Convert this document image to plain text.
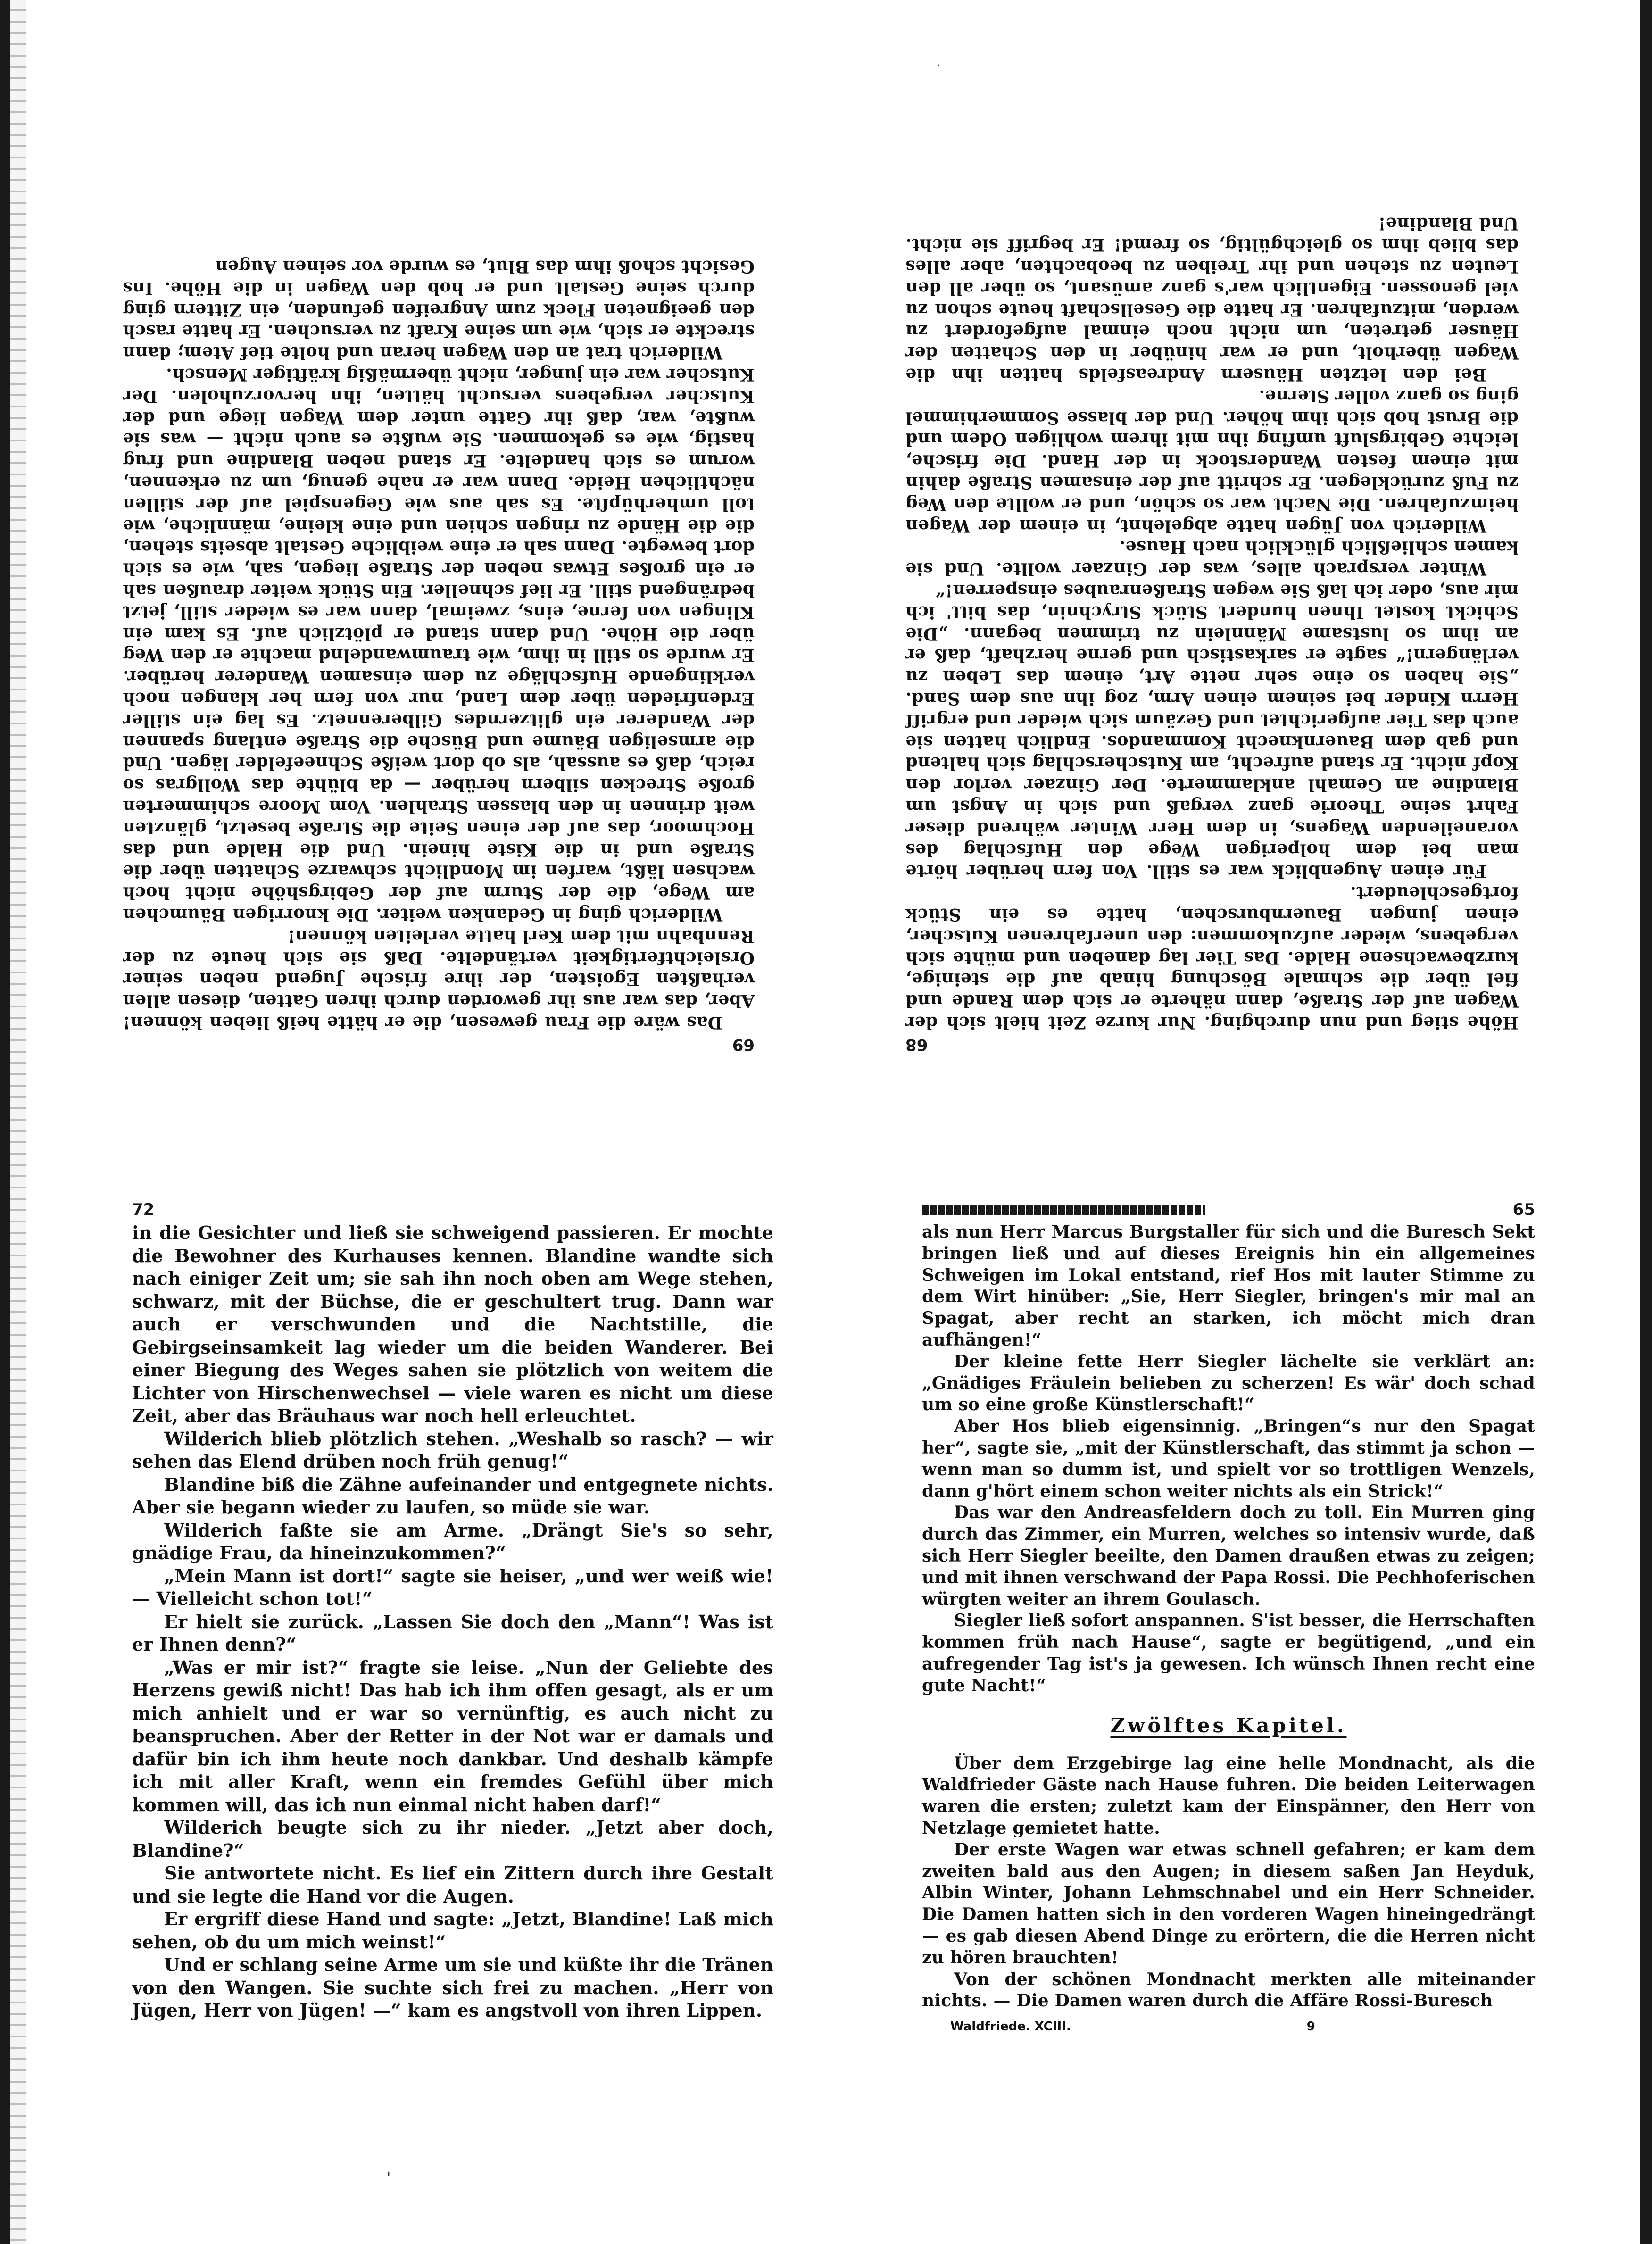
69

Das wäre die Frau gewesen, die er hätte heiß lieben können! Aber, das war aus ihr geworden durch ihren Gatten, diesen allen verhaßten Egoisten, der ihre frische Jugend neben seiner Orsleichtfertigkeit vertändelte. Daß sie sich heute zu der Rennbahn mit dem Kerl hatte verleiten können!

Wilderich ging in Gedanken weiter. Die knorrigen Bäumchen am Wege, die der Sturm auf der Gebirgshöhe nicht hoch wachsen läßt, warfen im Mondlicht schwarze Schatten über die Straße und in die Kiste hinein. Und die Halde und das Hochmoor, das auf der einen Seite die Straße besetzt, glänzten weit drinnen in den blassen Strahlen. Vom Moore schimmerten große Strecken silbern herüber — da blühte das Wollgras so reich, daß es aussah, als ob dort weiße Schneefelder lägen. Und die armseligen Bäume und Büsche die Straße entlang spannen der Wanderer ein glitzerndes Gilberennetz. Es lag ein stiller Erdenfrieden über dem Land, nur von fern her klangen noch verklingende Hufschläge zu dem einsamen Wanderer herüber. Er wurde so still in ihm, wie traumwandelnd machte er den Weg über die Höhe. Und dann stand er plötzlich auf. Es kam ein Klingen von ferne, eins, zweimal, dann war es wieder still, jetzt bedrängend still. Er lief schneller. Ein Stück weiter draußen sah er ein großes Etwas neben der Straße liegen, sah, wie es sich dort bewegte. Dann sah er eine weibliche Gestalt abseits stehen, die die Hände zu ringen schien und eine kleine, männliche, wie toll umherhüpfte. Es sah aus wie Gegenspiel auf der stillen nächtlichen Heide. Dann war er nahe genug, um zu erkennen, worum es sich handelte. Er stand neben Blandine und frug hastig, wie es gekommen. Sie wußte es auch nicht — was sie wußte, war, daß ihr Gatte unter dem Wagen liege und der Kutscher vergebens versucht hätten, ihn hervorzuholen. Der Kutscher war ein junger, nicht übermäßig kräftiger Mensch.

Wilderich trat an den Wagen heran und holte tief Atem; dann streckte er sich, wie um seine Kraft zu versuchen. Er hatte rasch den geeigneten Fleck zum Angreifen gefunden, ein Zittern ging durch seine Gestalt und er hob den Wagen in die Höhe. Ins Gesicht schoß ihm das Blut, es wurde vor seinen Augen

68

Höhe stieg und nun durchging. Nur kurze Zeit hielt sich der Wagen auf der Straße, dann näherte er sich dem Rande und fiel über die schmale Böschung hinab auf die steinige, kurzbewachsene Halde. Das Tier lag daneben und mühte sich vergebens, wieder aufzukommen: den unerfahrenen Kutscher, einen jungen Bauernburschen, hatte es ein Stück fortgeschleudert.

Für einen Augenblick war es still. Von fern herüber hörte man bei dem holperigen Wege den Hufschlag des voraneilenden Wagens, in dem Herr Winter während dieser Fahrt seine Theorie ganz vergaß und sich in Angst um Blandine an Gemahl anklammerte. Der Ginzaer verlor den Kopf nicht. Er stand aufrecht, am Kutscherschlag sich haltend und gab dem Bauernknecht Kommandos. Endlich hatten sie auch das Tier aufgerichtet und Gezäum sich wieder und ergriff Herrn Kinder bei seinem einen Arm, zog ihn aus dem Sand. „Sie haben so eine sehr nette Art, einem das Leben zu verlängern!“ sagte er sarkastisch und gerne herzhaft, daß er an ihm so lustsame Männlein zu trimmen begann. „Die Schickt kostet Ihnen hundert Stück Strychnin, das bitt' ich mir aus, oder ich laß Sie wegen Straßenraubes einsperren!“

Winter versprach alles, was der Ginzaer wollte. Und sie kamen schließlich glücklich nach Hause.

Wilderich von Jügen hatte abgelehnt, in einem der Wagen heimzufahren. Die Nacht war so schön, und er wollte den Weg zu Fuß zurücklegen. Er schritt auf der einsamen Straße dahin mit einem festen Wanderstock in der Hand. Die frische, leichte Gebirgsluft umfing ihn mit ihrem wohligen Odem und die Brust hob sich ihm höher. Und der blasse Sommerhimmel ging so ganz voller Sterne.

Bei den letzten Häusern Andreasfelds hatten ihn die Wagen überholt, und er war hinüber in den Schatten der Häuser getreten, um nicht noch einmal aufgefordert zu werden, mitzufahren. Er hatte die Gesellschaft heute schon zu viel genossen. Eigentlich war's ganz amüsant, so über all den Leuten zu stehen und ihr Treiben zu beobachten, aber alles das blieb ihm so gleichgültig, so fremd! Er begriff sie nicht. Und Blandine!

72

in die Gesichter und ließ sie schweigend passieren. Er mochte die Bewohner des Kurhauses kennen. Blandine wandte sich nach einiger Zeit um; sie sah ihn noch oben am Wege stehen, schwarz, mit der Büchse, die er geschultert trug. Dann war auch er verschwunden und die Nachtstille, die Gebirgseinsamkeit lag wieder um die beiden Wanderer. Bei einer Biegung des Weges sahen sie plötzlich von weitem die Lichter von Hirschenwechsel — viele waren es nicht um diese Zeit, aber das Bräuhaus war noch hell erleuchtet.

Wilderich blieb plötzlich stehen. „Weshalb so rasch? — wir sehen das Elend drüben noch früh genug!“

Blandine biß die Zähne aufeinander und entgegnete nichts. Aber sie begann wieder zu laufen, so müde sie war.

Wilderich faßte sie am Arme. „Drängt Sie's so sehr, gnädige Frau, da hineinzukommen?“

„Mein Mann ist dort!“ sagte sie heiser, „und wer weiß wie! — Vielleicht schon tot!“

Er hielt sie zurück. „Lassen Sie doch den „Mann“! Was ist er Ihnen denn?“

„Was er mir ist?“ fragte sie leise. „Nun der Geliebte des Herzens gewiß nicht! Das hab ich ihm offen gesagt, als er um mich anhielt und er war so vernünftig, es auch nicht zu beanspruchen. Aber der Retter in der Not war er damals und dafür bin ich ihm heute noch dankbar. Und deshalb kämpfe ich mit aller Kraft, wenn ein fremdes Gefühl über mich kommen will, das ich nun einmal nicht haben darf!“

Wilderich beugte sich zu ihr nieder. „Jetzt aber doch, Blandine?“

Sie antwortete nicht. Es lief ein Zittern durch ihre Gestalt und sie legte die Hand vor die Augen.

Er ergriff diese Hand und sagte: „Jetzt, Blandine! Laß mich sehen, ob du um mich weinst!“

Und er schlang seine Arme um sie und küßte ihr die Tränen von den Wangen. Sie suchte sich frei zu machen. „Herr von Jügen, Herr von Jügen! —“ kam es angstvoll von ihren Lippen.

65

als nun Herr Marcus Burgstaller für sich und die Buresch Sekt bringen ließ und auf dieses Ereignis hin ein allgemeines Schweigen im Lokal entstand, rief Hos mit lauter Stimme zu dem Wirt hinüber: „Sie, Herr Siegler, bringen's mir mal an Spagat, aber recht an starken, ich möcht mich dran aufhängen!“

Der kleine fette Herr Siegler lächelte sie verklärt an: „Gnädiges Fräulein belieben zu scherzen! Es wär' doch schad um so eine große Künstlerschaft!“

Aber Hos blieb eigensinnig. „Bringen“s nur den Spagat her“, sagte sie, „mit der Künstlerschaft, das stimmt ja schon — wenn man so dumm ist, und spielt vor so trottligen Wenzels, dann g'hört einem schon weiter nichts als ein Strick!“

Das war den Andreasfeldern doch zu toll. Ein Murren ging durch das Zimmer, ein Murren, welches so intensiv wurde, daß sich Herr Siegler beeilte, den Damen draußen etwas zu zeigen; und mit ihnen verschwand der Papa Rossi. Die Pechhoferischen würgten weiter an ihrem Goulasch.

Siegler ließ sofort anspannen. S'ist besser, die Herrschaften kommen früh nach Hause“, sagte er begütigend, „und ein aufregender Tag ist's ja gewesen. Ich wünsch Ihnen recht eine gute Nacht!“

Zwölftes Kapitel.

Über dem Erzgebirge lag eine helle Mondnacht, als die Waldfrieder Gäste nach Hause fuhren. Die beiden Leiterwagen waren die ersten; zuletzt kam der Einspänner, den Herr von Netzlage gemietet hatte.

Der erste Wagen war etwas schnell gefahren; er kam dem zweiten bald aus den Augen; in diesem saßen Jan Heyduk, Albin Winter, Johann Lehmschnabel und ein Herr Schneider. Die Damen hatten sich in den vorderen Wagen hineingedrängt — es gab diesen Abend Dinge zu erörtern, die die Herren nicht zu hören brauchten!

Von der schönen Mondnacht merkten alle miteinander nichts. — Die Damen waren durch die Affäre Rossi-Buresch

Waldfriede. XCIII.	9
·
'
